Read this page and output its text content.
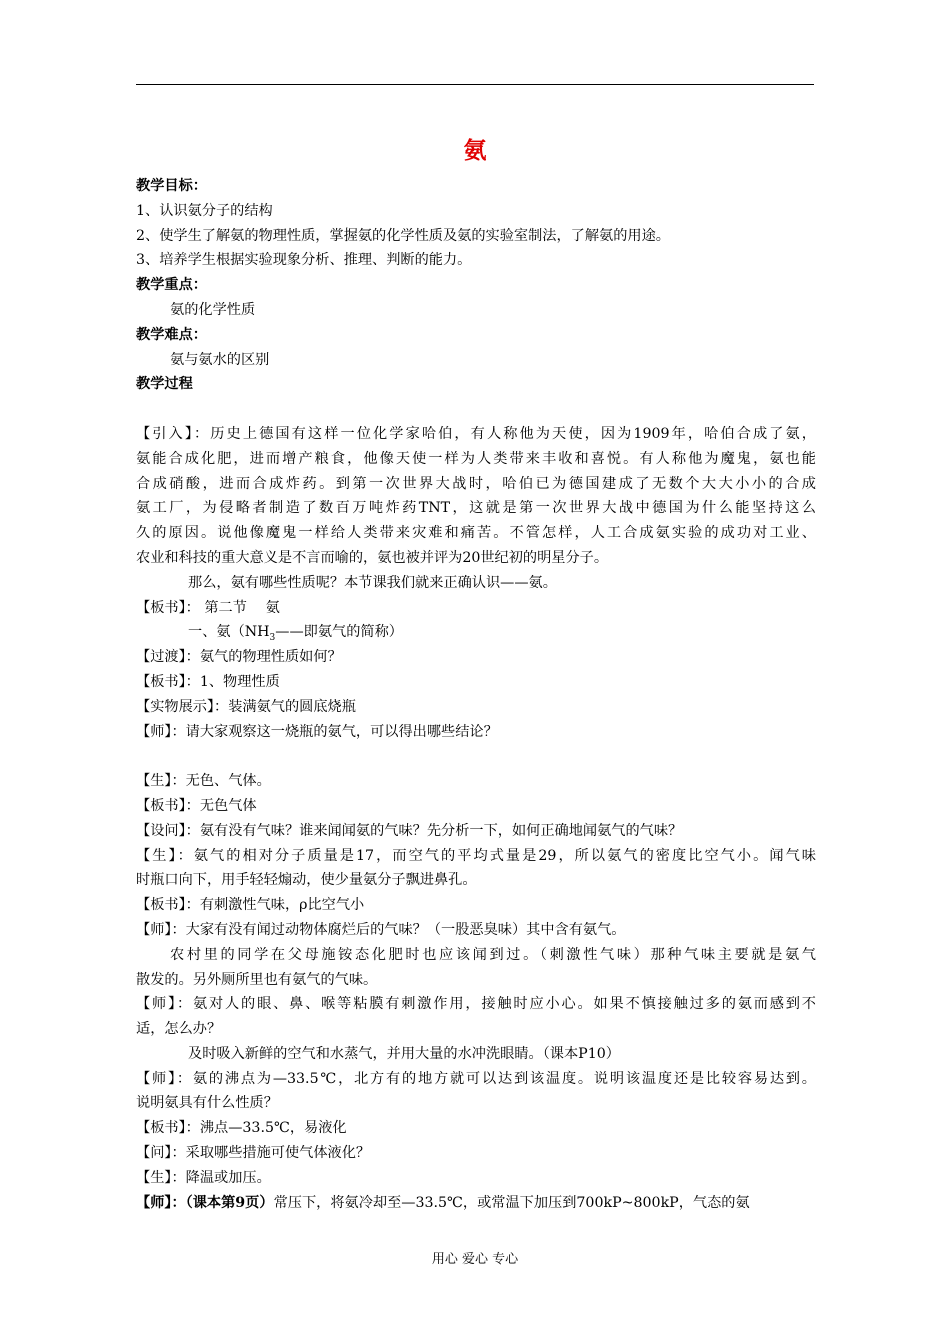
氨
教学目标：
1、认识氨分子的结构
2、使学生了解氨的物理性质，掌握氨的化学性质及氨的实验室制法，了解氨的用途。
3、培养学生根据实验现象分析、推理、判断的能力。
教学重点：
氨的化学性质
教学难点：
氨与氨水的区别
教学过程
【引入】：历史上德国有这样一位化学家哈伯，有人称他为天使，因为1909年，哈伯合成了氨，
氨能合成化肥，进而增产粮食，他像天使一样为人类带来丰收和喜悦。有人称他为魔鬼，氨也能
合成硝酸，进而合成炸药。到第一次世界大战时，哈伯已为德国建成了无数个大大小小的合成
氨工厂，为侵略者制造了数百万吨炸药TNT，这就是第一次世界大战中德国为什么能坚持这么
久的原因。说他像魔鬼一样给人类带来灾难和痛苦。不管怎样，人工合成氨实验的成功对工业、
农业和科技的重大意义是不言而喻的，氨也被并评为20世纪初的明星分子。
那么，氨有哪些性质呢？本节课我们就来正确认识——氨。
【板书】： 第二节　 氨
一、氨（$NH_3——$即氨气的简称）
【过渡】：氨气的物理性质如何？
【板书】：1、物理性质
【实物展示】：装满氨气的圆底烧瓶
【师】：请大家观察这一烧瓶的氨气，可以得出哪些结论？
【生】：无色、气体。
【板书】：无色气体
【设问】：氨有没有气味？谁来闻闻氨的气味？先分析一下，如何正确地闻氨气的气味？
【生】：氨气的相对分子质量是17，而空气的平均式量是29，所以氨气的密度比空气小。闻气味
时瓶口向下，用手轻轻煽动，使少量氨分子飘进鼻孔。
【板书】：有刺激性气味，ρ比空气小
【师】：大家有没有闻过动物体腐烂后的气味？（一股恶臭味）其中含有氨气。
农村里的同学在父母施铵态化肥时也应该闻到过。（刺激性气味）那种气味主要就是氨气
散发的。另外厕所里也有氨气的气味。
【师】：氨对人的眼、鼻、喉等粘膜有刺激作用，接触时应小心。如果不慎接触过多的氨而感到不
适，怎么办？
及时吸入新鲜的空气和水蒸气，并用大量的水冲洗眼睛。（课本P10）
【师】：氨的沸点为—33.5℃，北方有的地方就可以达到该温度。说明该温度还是比较容易达到。
说明氨具有什么性质？
【板书】：沸点—33.5℃，易液化
【问】：采取哪些措施可使气体液化？
【生】：降温或加压。
【师】：（课本第9页）常压下，将氨冷却至—33.5℃，或常温下加压到700kP~800kP，气态的氨
用心 爱心 专心
